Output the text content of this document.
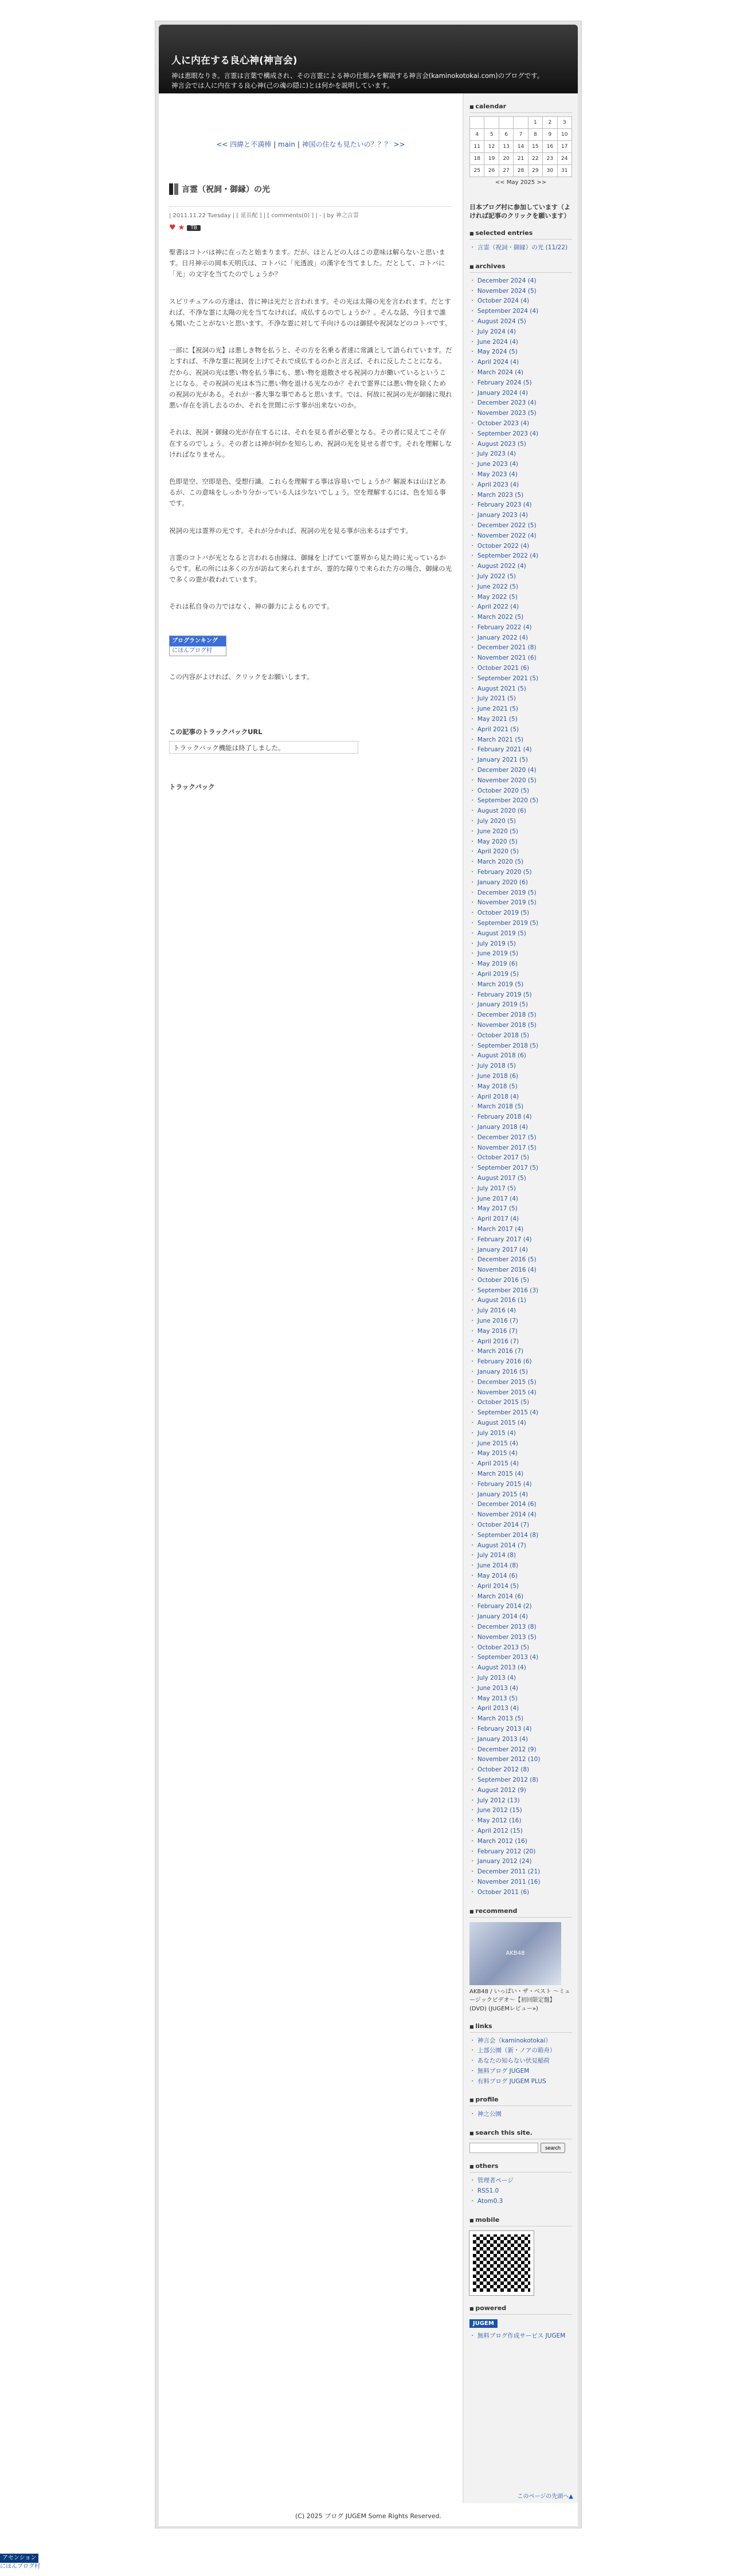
人に内在する良心神(神言会)

神は恵眼なりき。言霊は言葉で構成され、その言霊による神の仕組みを解説する神言会(kaminokotokai.com)のブログです。

神言会では人に内在する良心神(己の魂の隠に)とは何かを説明しています。

<< 四緯と不満棒 | main | 神国の住なも見たいの？？？ >>
言霊（祝詞・御縁）の光
| 2011.11.22 Tuesday | [ 延長配 ] | [ comments(0) ] | - | by 神之言霊
♥ ★	TB

聖書はコトバは神に在ったと始まります。だが、ほとんどの人はこの意味は解らないと思います。日月神示の岡本天明氏は、コトバに「光透波」の漢字を当てました。だとして、コトバに「光」の文字を当てたのでしょうか？

スピリチュアルの方達は、昔に神は光だと言われます。その光は太陽の光を言われます。だとすれば、不浄な霊に太陽の光を当てなければ、成仏するのでしょうか？。そんな話、今日まで誰も聞いたことがないと思います。不浄な霊に対して手向けるのは御経や祝詞などのコトバです。

一部に【祝詞の光】は悪しき物を払うと、その方を名乗る者達に常識として語られています。だとすれば、不浄な霊に祝詞を上げてそれで成仏するのかと言えば、それに反したことになる。だから、祝詞の光は悪い物を払う事にも、悪い物を退散させる祝詞の力が働いているということになる。その祝詞の光は本当に悪い物を退ける光なのか？それで霊界には悪い物を除くための祝詞の光がある。それが一番大事な事であると思います。では、何故に祝詞の光が御縁に現れ悪い存在を消し去るのか、それを世間に示す事が出来ないのか。

それは、祝詞・御縁の光が存在するには、それを見る者が必要となる。その者に見えてこそ存在するのでしょう。その者とは神が何かを知らしめ、祝詞の光を見せる者です。それを理解しなければなりません。

色即是空、空即是色、受想行識。これらを理解する事は容易いでしょうか？解説本は山ほどあるが、この意味をしっかり分かっている人は少ないでしょう。空を理解するには、色を知る事です。

祝詞の光は霊界の光です。それが分かれば、祝詞の光を見る事が出来るはずです。

言霊のコトバが光となると言われる由縁は、御縁を上げていて霊界から見た時に光っているからです。私の所には多くの方が訪ねて来られますが、霊的な障りで来られた方の場合、御縁の光で多くの霊が救われています。

それは私自身の力ではなく、神の御力によるものです。

ブログランキング
にほんブログ村
この内容がよければ、クリックをお願いします。
この記事のトラックバックURL
トラックバック機能は終了しました。
トラックバック
■ calendar
				1	2	3
4	5	6	7	8	9	10
11	12	13	14	15	16	17
18	19	20	21	22	23	24
25	26	27	28	29	30	31
<< May 2025 >>
日本ブログ村に参加しています（よければ記事のクリックを願います）
■ selected entries
・ 言霊（祝詞・御縁）の光 (11/22)
■ archives
・ December 2024 (4)
・ November 2024 (5)
・ October 2024 (4)
・ September 2024 (4)
・ August 2024 (5)
・ July 2024 (4)
・ June 2024 (4)
・ May 2024 (5)
・ April 2024 (4)
・ March 2024 (4)
・ February 2024 (5)
・ January 2024 (4)
・ December 2023 (4)
・ November 2023 (5)
・ October 2023 (4)
・ September 2023 (4)
・ August 2023 (5)
・ July 2023 (4)
・ June 2023 (4)
・ May 2023 (4)
・ April 2023 (4)
・ March 2023 (5)
・ February 2023 (4)
・ January 2023 (4)
・ December 2022 (5)
・ November 2022 (4)
・ October 2022 (4)
・ September 2022 (4)
・ August 2022 (4)
・ July 2022 (5)
・ June 2022 (5)
・ May 2022 (5)
・ April 2022 (4)
・ March 2022 (5)
・ February 2022 (4)
・ January 2022 (4)
・ December 2021 (8)
・ November 2021 (6)
・ October 2021 (6)
・ September 2021 (5)
・ August 2021 (5)
・ July 2021 (5)
・ June 2021 (5)
・ May 2021 (5)
・ April 2021 (5)
・ March 2021 (5)
・ February 2021 (4)
・ January 2021 (5)
・ December 2020 (4)
・ November 2020 (5)
・ October 2020 (5)
・ September 2020 (5)
・ August 2020 (6)
・ July 2020 (5)
・ June 2020 (5)
・ May 2020 (5)
・ April 2020 (5)
・ March 2020 (5)
・ February 2020 (5)
・ January 2020 (6)
・ December 2019 (5)
・ November 2019 (5)
・ October 2019 (5)
・ September 2019 (5)
・ August 2019 (5)
・ July 2019 (5)
・ June 2019 (5)
・ May 2019 (6)
・ April 2019 (5)
・ March 2019 (5)
・ February 2019 (5)
・ January 2019 (5)
・ December 2018 (5)
・ November 2018 (5)
・ October 2018 (5)
・ September 2018 (5)
・ August 2018 (6)
・ July 2018 (5)
・ June 2018 (6)
・ May 2018 (5)
・ April 2018 (4)
・ March 2018 (5)
・ February 2018 (4)
・ January 2018 (4)
・ December 2017 (5)
・ November 2017 (5)
・ October 2017 (5)
・ September 2017 (5)
・ August 2017 (5)
・ July 2017 (5)
・ June 2017 (4)
・ May 2017 (5)
・ April 2017 (4)
・ March 2017 (4)
・ February 2017 (4)
・ January 2017 (4)
・ December 2016 (5)
・ November 2016 (4)
・ October 2016 (5)
・ September 2016 (3)
・ August 2016 (1)
・ July 2016 (4)
・ June 2016 (7)
・ May 2016 (7)
・ April 2016 (7)
・ March 2016 (7)
・ February 2016 (6)
・ January 2016 (5)
・ December 2015 (5)
・ November 2015 (4)
・ October 2015 (5)
・ September 2015 (4)
・ August 2015 (4)
・ July 2015 (4)
・ June 2015 (4)
・ May 2015 (4)
・ April 2015 (4)
・ March 2015 (4)
・ February 2015 (4)
・ January 2015 (4)
・ December 2014 (6)
・ November 2014 (4)
・ October 2014 (7)
・ September 2014 (8)
・ August 2014 (7)
・ July 2014 (8)
・ June 2014 (8)
・ May 2014 (6)
・ April 2014 (5)
・ March 2014 (6)
・ February 2014 (2)
・ January 2014 (4)
・ December 2013 (8)
・ November 2013 (5)
・ October 2013 (5)
・ September 2013 (4)
・ August 2013 (4)
・ July 2013 (4)
・ June 2013 (4)
・ May 2013 (5)
・ April 2013 (4)
・ March 2013 (5)
・ February 2013 (4)
・ January 2013 (4)
・ December 2012 (9)
・ November 2012 (10)
・ October 2012 (8)
・ September 2012 (8)
・ August 2012 (9)
・ July 2012 (13)
・ June 2012 (15)
・ May 2012 (16)
・ April 2012 (15)
・ March 2012 (16)
・ February 2012 (20)
・ January 2012 (24)
・ December 2011 (21)
・ November 2011 (16)
・ October 2011 (6)
■ recommend
AKB48
AKB48 / いっぱい・ザ・ベスト ～ミュージックビデオ～【初回限定盤】(DVD) (JUGEMレビュー»)
■ links
・ 神言会（kaminokotokai）
・ 上部公園（新・ノアの箱舟）
・ あなたの知らない伏見稲荷
・ 無料ブログ JUGEM
・ 有料ブログ JUGEM PLUS
■ profile
・ 神之公園
■ search this site.
search
■ others
・ 管理者ページ
・ RSS1.0
・ Atom0.3
■ mobile
■ powered
JUGEM
・ 無料ブログ作成サービス JUGEM
このページの先頭へ▲
(C) 2025 ブログ JUGEM Some Rights Reserved.
アセンション
にほんブログ村
